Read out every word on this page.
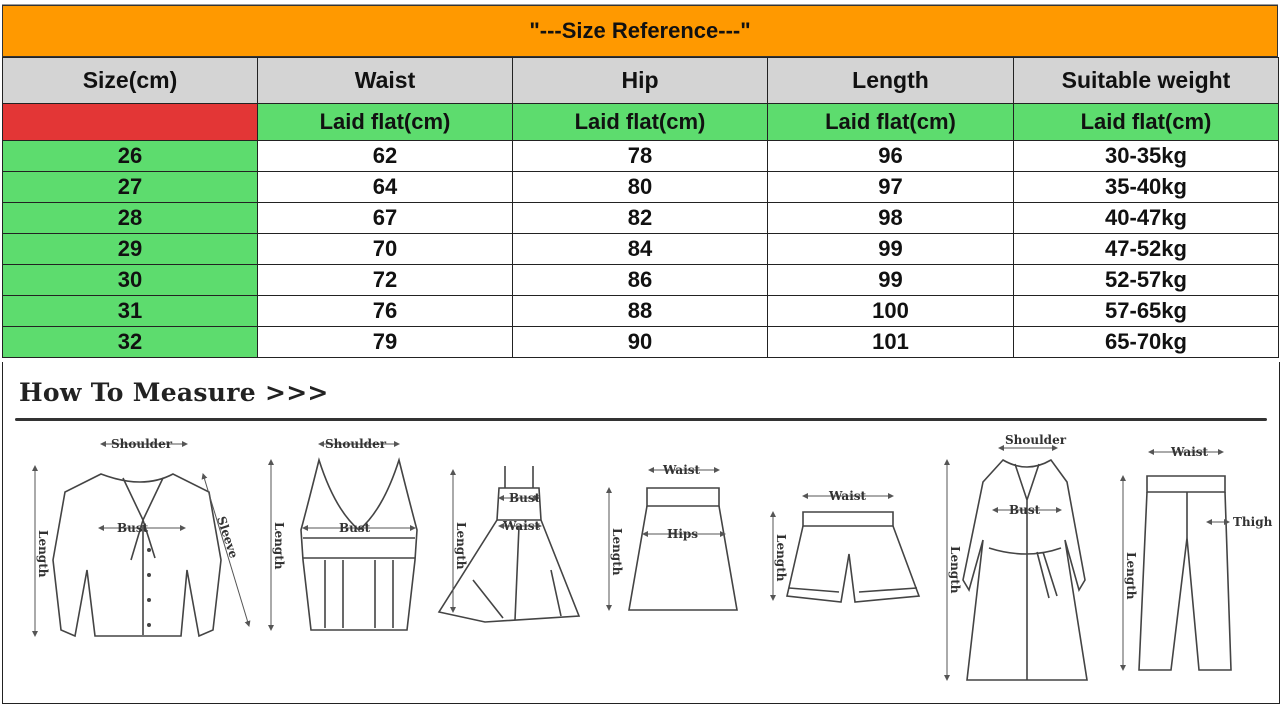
"---Size Reference---"
Size(cm)	Waist	Hip	Length	Suitable weight
	Laid flat(cm)	Laid flat(cm)	Laid flat(cm)	Laid flat(cm)
26	62	78	96	30-35kg
27	64	80	97	35-40kg
28	67	82	98	40-47kg
29	70	84	99	47-52kg
30	72	86	99	52-57kg
31	76	88	100	57-65kg
32	79	90	101	65-70kg
How To Measure >>>
Shoulder
Bust
Length	Sleeve
Shoulder
Bust
Length
Bust
Waist
Length
Waist
Hips
Length
Waist
Length
Shoulder
Bust
Length
Waist
Thigh
Length
